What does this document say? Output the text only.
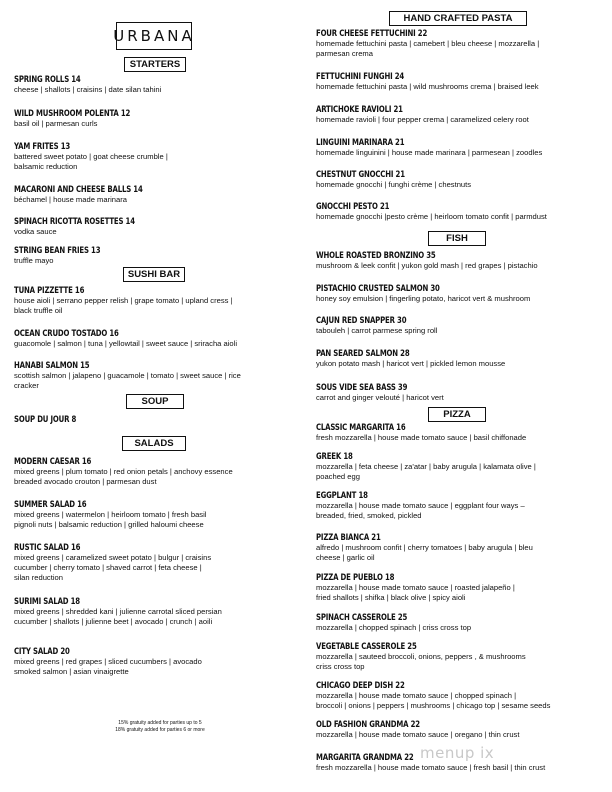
URBANA
STARTERS
SPRING ROLLS 14
cheese | shallots | craisins | date silan tahini
WILD MUSHROOM POLENTA 12
basil oil | parmesan curls
YAM FRITES 13
battered sweet potato | goat cheese crumble |
balsamic reduction
MACARONI AND CHEESE BALLS 14
béchamel | house made marinara
SPINACH RICOTTA ROSETTES 14
vodka sauce
STRING BEAN FRIES 13
truffle mayo
SUSHI BAR
TUNA PIZZETTE 16
house aioli | serrano pepper relish | grape tomato | upland cress |
black truffle oil
OCEAN CRUDO TOSTADO 16
guacomole | salmon | tuna | yellowtail | sweet sauce | sriracha aioli
HANABI SALMON 15
scottish salmon | jalapeno | guacamole | tomato | sweet sauce | rice
cracker
SOUP
SOUP DU JOUR 8
SALADS
MODERN CAESAR 16
mixed greens | plum tomato | red onion petals | anchovy essence
breaded avocado crouton | parmesan dust
SUMMER SALAD 16
mixed greens | watermelon | heirloom tomato | fresh basil
pignoli nuts | balsamic reduction | grilled haloumi cheese
RUSTIC SALAD 16
mixed greens | caramelized sweet potato | bulgur | craisins
cucumber | cherry tomato | shaved carrot | feta cheese |
silan reduction
SURIMI SALAD 18
mixed greens | shredded kani | julienne carrotal sliced persian
cucumber | shallots | julienne beet | avocado | crunch | aoili
CITY SALAD 20
mixed greens | red grapes | sliced cucumbers | avocado
smoked salmon | asian vinaigrette
15% gratuity added for parties up to 5
18% gratuity added for parties 6 or more
HAND CRAFTED PASTA
FOUR CHEESE FETTUCHINI 22
homemade fettuchini pasta | camebert | bleu cheese | mozzarella |
parmesan crema
FETTUCHINI FUNGHI 24
homemade fettuchini pasta | wild mushrooms crema | braised leek
ARTICHOKE RAVIOLI 21
homemade ravioli | four pepper crema | caramelized celery root
LINGUINI MARINARA 21
homemade linguinini | house made marinara | parmesean | zoodles
CHESTNUT GNOCCHI 21
homemade gnocchi | funghi crème | chestnuts
GNOCCHI PESTO 21
homemade gnocchi |pesto crème | heirloom tomato confit | parmdust
FISH
WHOLE ROASTED BRONZINO 35
mushroom & leek confit | yukon gold mash | red grapes | pistachio
PISTACHIO CRUSTED SALMON 30
honey soy emulsion | fingerling potato, haricot vert & mushroom
CAJUN RED SNAPPER 30
tabouleh | carrot parmese spring roll
PAN SEARED SALMON 28
yukon potato mash | haricot vert | pickled lemon mousse
SOUS VIDE SEA BASS 39
carrot and ginger velouté | haricot vert
PIZZA
CLASSIC MARGARITA 16
fresh mozzarella | house made tomato sauce | basil chiffonade
GREEK 18
mozzarella | feta cheese | za'atar | baby arugula | kalamata olive |
poached egg
EGGPLANT 18
mozzarella | house made tomato sauce | eggplant four ways –
breaded, fried, smoked, pickled
PIZZA BIANCA 21
alfredo | mushroom confit | cherry tomatoes | baby arugula | bleu
cheese | garlic oil
PIZZA DE PUEBLO 18
mozzarella | house made tomato sauce | roasted jalapeño |
fried shallots | shifka | black olive | spicy aioli
SPINACH CASSEROLE 25
mozzarella | chopped spinach | criss cross top
VEGETABLE CASSEROLE 25
mozzarella | sauteed broccoli, onions, peppers , & mushrooms
criss cross top
CHICAGO DEEP DISH 22
mozzarella | house made tomato sauce | chopped spinach |
broccoli | onions | peppers | mushrooms | chicago top | sesame seeds
OLD FASHION GRANDMA 22
mozzarella | house made tomato sauce | oregano | thin crust
MARGARITA GRANDMA 22
fresh mozzarella | house made tomato sauce | fresh basil | thin crust
menup ix
